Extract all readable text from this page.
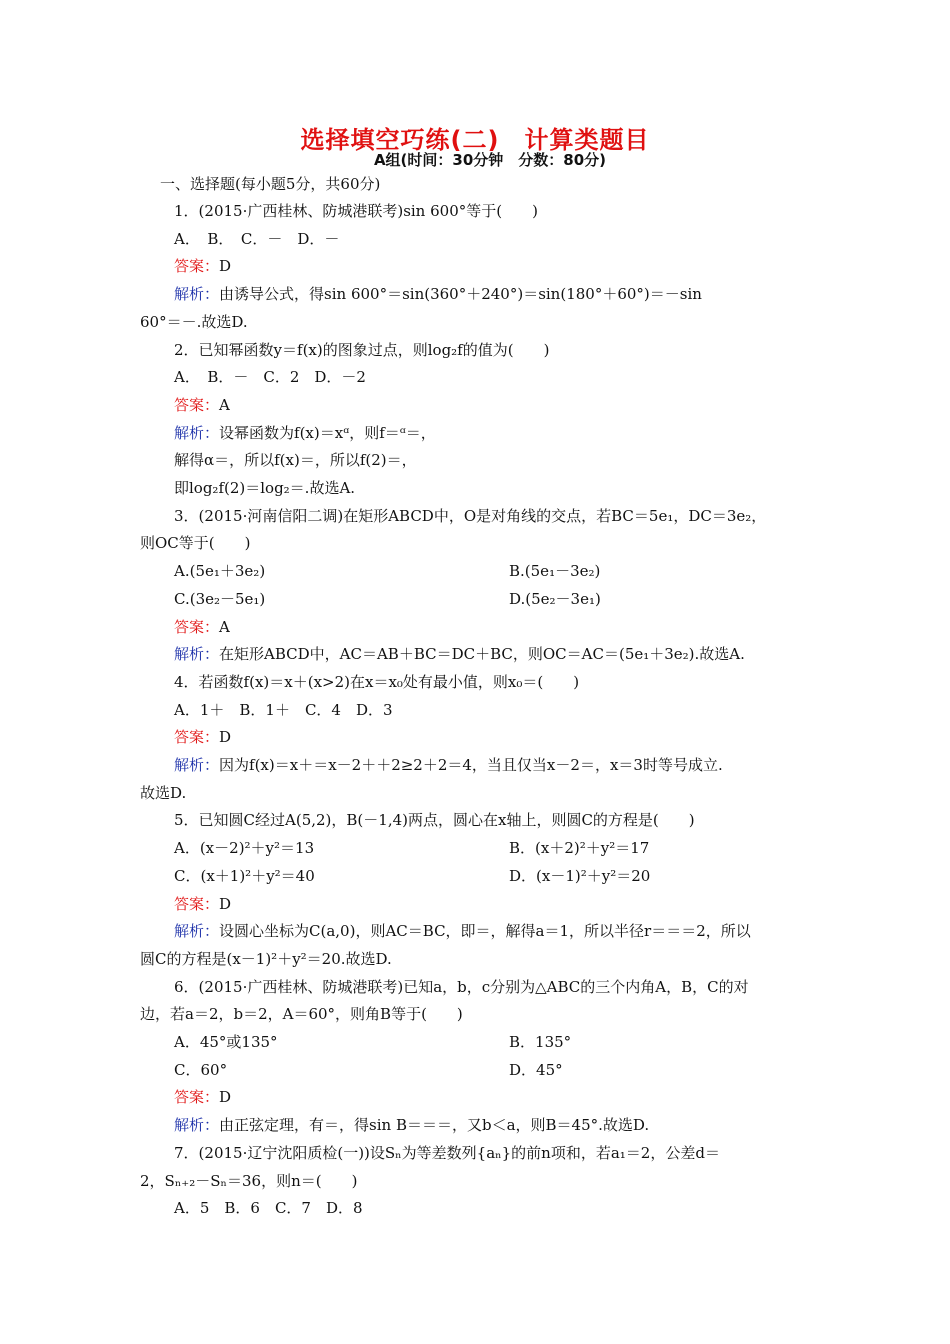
选择填空巧练(二)　计算类题目
A组(时间：30分钟　分数：80分)
一、选择题(每小题5分，共60分)
1．(2015·广西桂林、防城港联考)sin 600°等于(　　)
A．　B．　C．－　D．－
答案：D
解析：由诱导公式，得sin 600°＝sin(360°＋240°)＝sin(180°＋60°)＝－sin
60°＝－.故选D.
2．已知幂函数y＝f(x)的图象过点，则log₂f的值为(　　)
A．　B．－　C．2　D．－2
答案：A
解析：设幂函数为f(x)＝xᵅ，则f＝ᵅ＝，
解得α＝，所以f(x)＝，所以f(2)＝，
即log₂f(2)＝log₂＝.故选A.
3．(2015·河南信阳二调)在矩形ABCD中，O是对角线的交点，若BC＝5e₁，DC＝3e₂，
则OC等于(　　)
A.(5e₁＋3e₂)	B.(5e₁－3e₂)
C.(3e₂－5e₁)	D.(5e₂－3e₁)
答案：A
解析：在矩形ABCD中，AC＝AB＋BC＝DC＋BC，则OC＝AC＝(5e₁＋3e₂).故选A.
4．若函数f(x)＝x＋(x>2)在x＝x₀处有最小值，则x₀＝(　　)
A．1＋　B．1＋　C．4　D．3
答案：D
解析：因为f(x)＝x＋＝x－2＋＋2≥2＋2＝4，当且仅当x－2＝，x＝3时等号成立.
故选D.
5．已知圆C经过A(5,2)，B(－1,4)两点，圆心在x轴上，则圆C的方程是(　　)
A．(x－2)²＋y²＝13	B．(x＋2)²＋y²＝17
C．(x＋1)²＋y²＝40	D．(x－1)²＋y²＝20
答案：D
解析：设圆心坐标为C(a,0)，则AC＝BC，即＝，解得a＝1，所以半径r＝＝＝2，所以
圆C的方程是(x－1)²＋y²＝20.故选D.
6．(2015·广西桂林、防城港联考)已知a，b，c分别为△ABC的三个内角A，B，C的对
边，若a＝2，b＝2，A＝60°，则角B等于(　　)
A．45°或135°	B．135°
C．60°	D．45°
答案：D
解析：由正弦定理，有＝，得sin B＝＝＝，又b＜a，则B＝45°.故选D.
7．(2015·辽宁沈阳质检(一))设Sₙ为等差数列{aₙ}的前n项和，若a₁＝2，公差d＝
2，Sₙ₊₂－Sₙ＝36，则n＝(　　)
A．5　B．6　C．7　D．8
